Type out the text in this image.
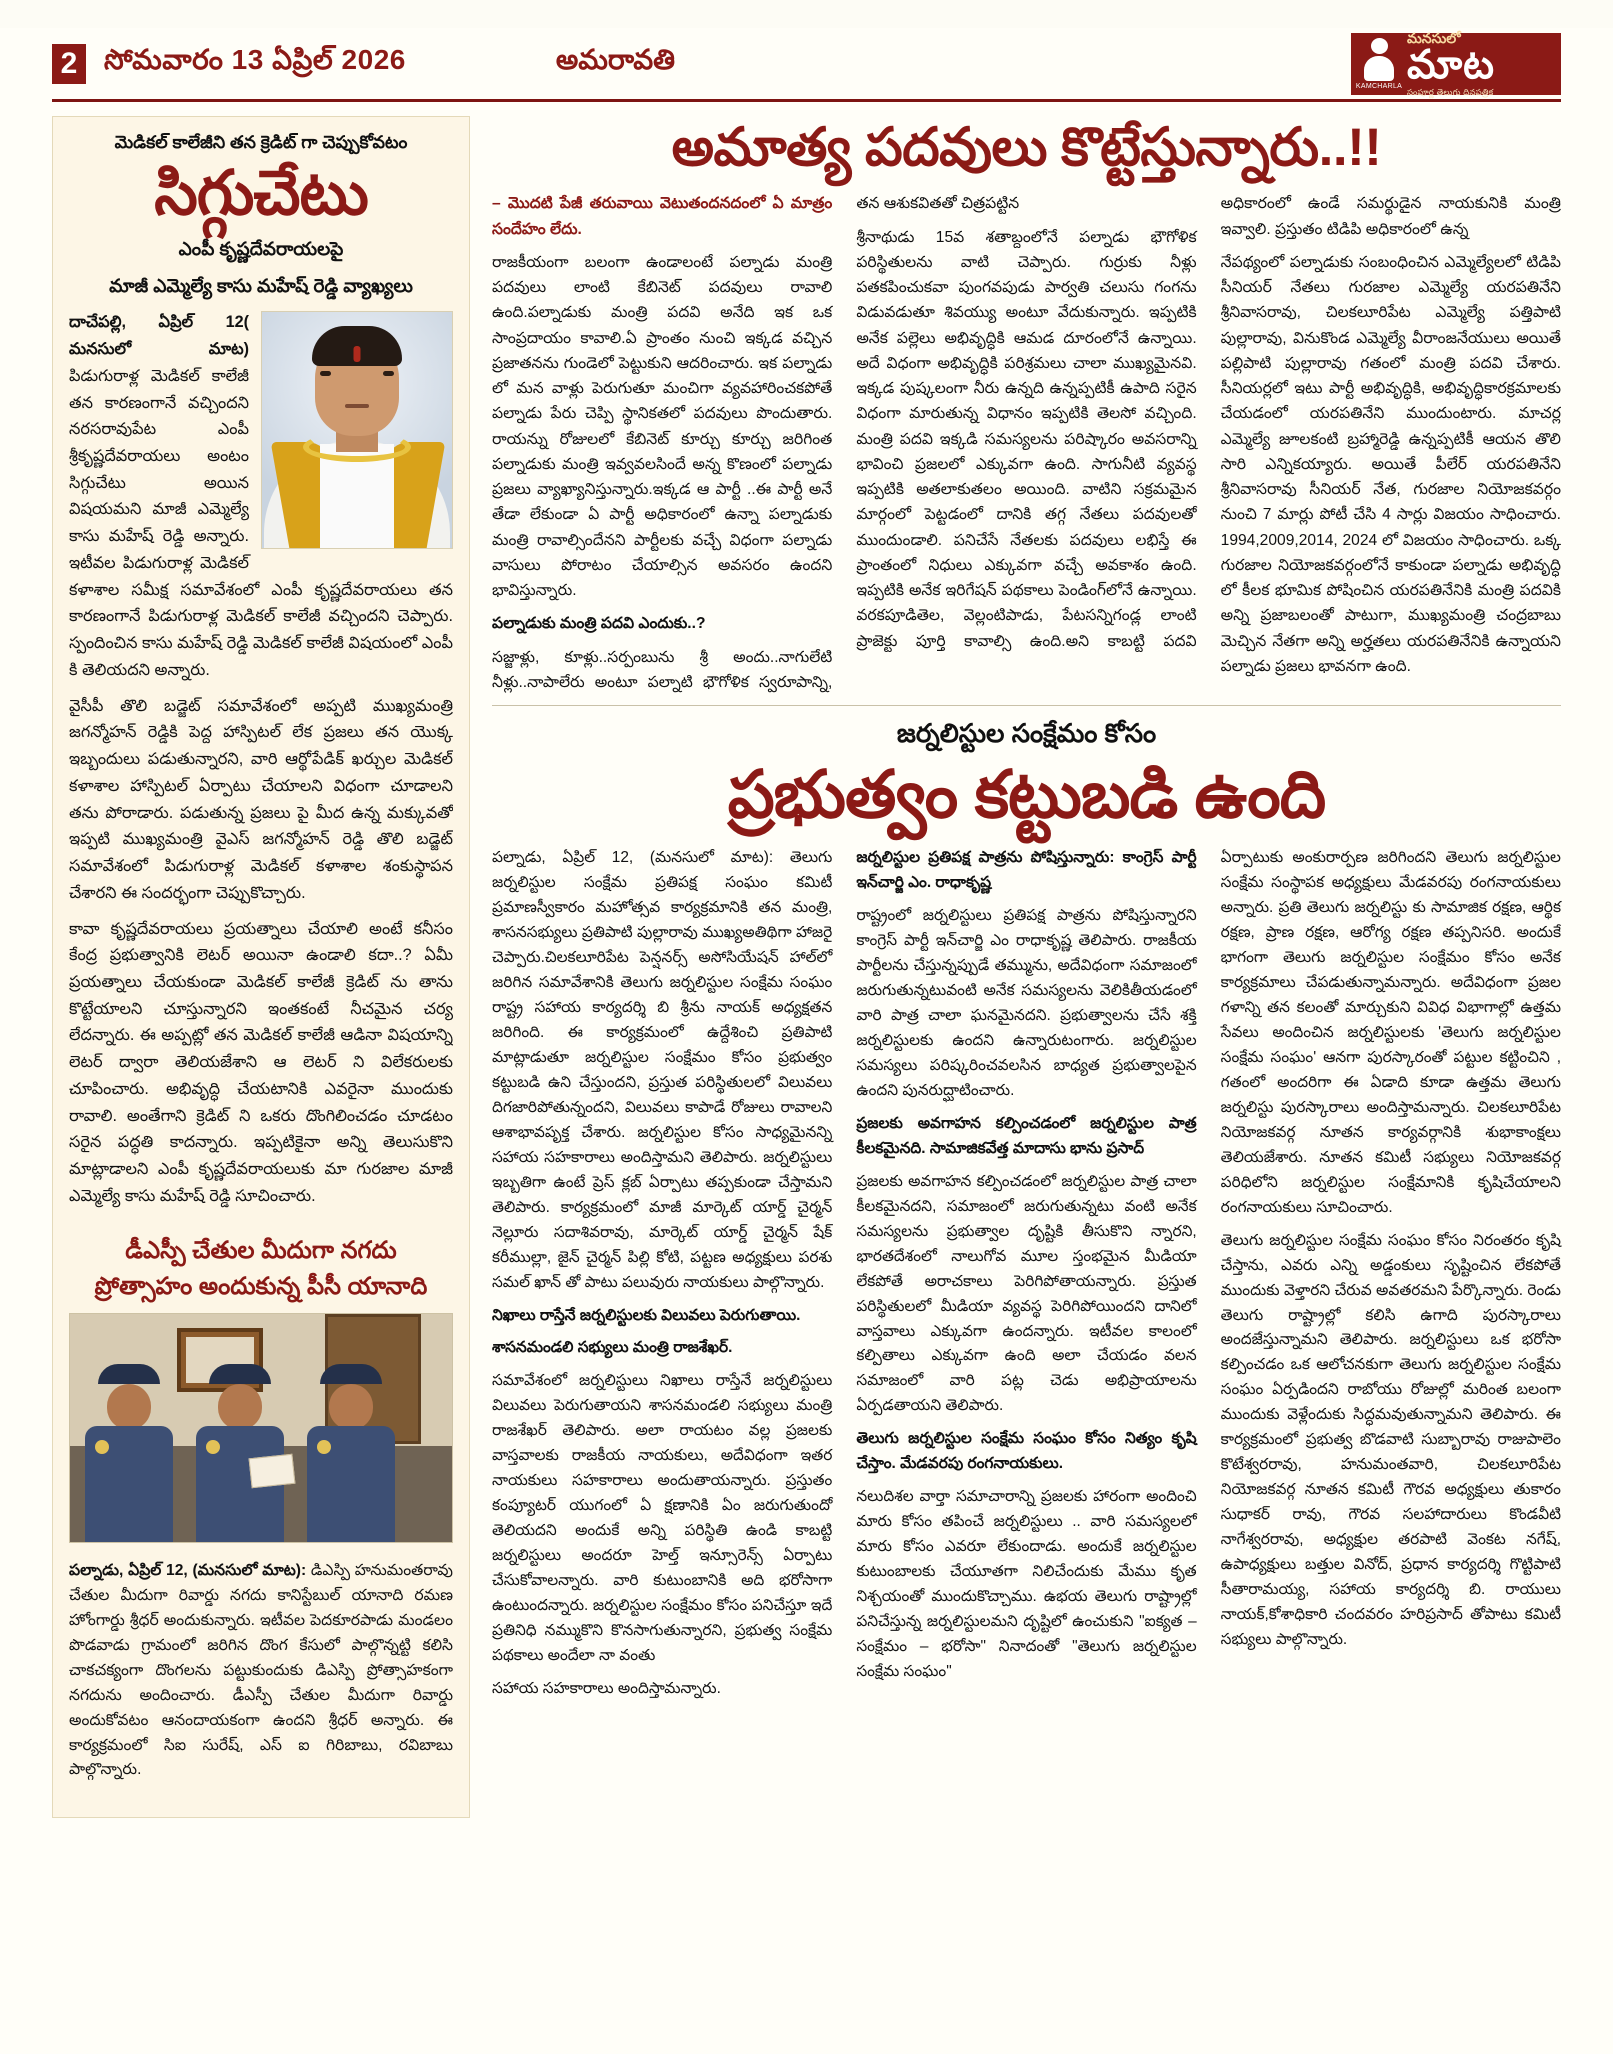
2 సోమవారం 13 ఏప్రిల్ 2026	అమరావతి
KAMCHARLA
మనసులో
మాట
సంపూర్ణ తెలుగు దినపత్రిక
మెడికల్ కాలేజీని తన క్రెడిట్ గా చెప్పుకోవటం
సిగ్గుచేటు
ఎంపీ కృష్ణదేవరాయలపై
మాజీ ఎమ్మెల్యే కాసు మహేష్ రెడ్డి వ్యాఖ్యలు

దాచేపల్లి, ఏప్రిల్ 12( మనసులో మాట) పిడుగురాళ్ల మెడికల్ కాలేజీ తన కారణంగానే వచ్చిందని నరసరావుపేట ఎంపీ శ్రీకృష్ణదేవరాయలు అంటం సిగ్గుచేటు అయిన విషయమని మాజీ ఎమ్మెల్యే కాసు మహేష్ రెడ్డి అన్నారు. ఇటీవల పిడుగురాళ్ల మెడికల్ కళాశాల సమీక్ష సమావేశంలో ఎంపీ కృష్ణదేవరాయలు తన కారణంగానే పిడుగురాళ్ల మెడికల్ కాలేజీ వచ్చిందని చెప్పారు. స్పందించిన కాసు మహేష్ రెడ్డి మెడికల్ కాలేజీ విషయంలో ఎంపీ కి తెలియదని అన్నారు.

వైసీపీ తొలి బడ్జెట్ సమావేశంలో అప్పటి ముఖ్యమంత్రి జగన్మోహన్ రెడ్డికి పెద్ద హాస్పిటల్ లేక ప్రజలు తన యొక్క ఇబ్బందులు పడుతున్నారని, వారి ఆర్థోపేడిక్ ఖర్చుల మెడికల్ కళాశాల హాస్పిటల్ ఏర్పాటు చేయాలని విధంగా చూడాలని తను పోరాడారు. పడుతున్న ప్రజలు పై మీద ఉన్న మక్కువతో ఇప్పటి ముఖ్యమంత్రి వైఎస్ జగన్మోహన్ రెడ్డి తొలి బడ్జెట్ సమావేశంలో పిడుగురాళ్ల మెడికల్ కళాశాల శంకుస్థాపన చేశారని ఈ సందర్భంగా చెప్పుకొచ్చారు.

కావా కృష్ణదేవరాయలు ప్రయత్నాలు చేయాలి అంటే కనీసం కేంద్ర ప్రభుత్వానికి లెటర్ అయినా ఉండాలి కదా..? ఏమీ ప్రయత్నాలు చేయకుండా మెడికల్ కాలేజీ క్రెడిట్ ను తాను కొట్టేయాలని చూస్తున్నారని ఇంతకంటే నీచమైన చర్య లేదన్నారు. ఈ అప్పట్లో తన మెడికల్ కాలేజీ ఆడినా విషయాన్ని లెటర్ ద్వారా తెలియజేశాని ఆ లెటర్ ని విలేకరులకు చూపించారు. అభివృద్ధి చేయటానికి ఎవరైనా ముందుకు రావాలి. అంతేగాని క్రెడిట్ ని ఒకరు దొంగిలించడం చూడటం సరైన పద్ధతి కాదన్నారు. ఇప్పటికైనా అన్ని తెలుసుకొని మాట్లాడాలని ఎంపీ కృష్ణదేవరాయలుకు మా గురజాల మాజీ ఎమ్మెల్యే కాసు మహేష్ రెడ్డి సూచించారు.

డీఎస్పీ చేతుల మీదుగా నగదు
ప్రోత్సాహం అందుకున్న పీసీ యానాది

పల్నాడు, ఏప్రిల్ 12, (మనసులో మాట): డిఎస్పి హనుమంతరావు చేతుల మీదుగా రివార్డు నగదు కానిస్టేబుల్ యానాది రమణ హోంగార్డు శ్రీధర్ అందుకున్నారు. ఇటీవల పెదకూరపాడు మండలం పొడవాడు గ్రామంలో జరిగిన దొంగ కేసులో పాల్గొన్నట్టి కలిసి చాకచక్యంగా దొంగలను పట్టుకుందుకు డిఎస్పి ప్రోత్సాహకంగా నగదును అందించారు. డీఎస్పీ చేతుల మీదుగా రివార్డు అందుకోవటం ఆనందాయకంగా ఉందని శ్రీధర్ అన్నారు. ఈ కార్యక్రమంలో సిఐ సురేష్, ఎస్ ఐ గిరిబాబు, రవిబాబు పాల్గొన్నారు.

అమాత్య పదవులు కొట్టేస్తున్నారు..!!

– మొదటి పేజీ తరువాయి వెటుతందనదంలో ఏ మాత్రం సందేహం లేదు.

రాజకీయంగా బలంగా ఉండాలంటే పల్నాడు మంత్రి పదవులు లాంటి కేబినెట్ పదవులు రావాలి ఉంది.పల్నాడుకు మంత్రి పదవి అనేది ఇక ఒక సాంప్రదాయం కావాలి.ఏ ప్రాంతం నుంచి ఇక్కడ వచ్చిన ప్రజాతనను గుండెలో పెట్టుకుని ఆదరించారు. ఇక పల్నాడు లో మన వాళ్లు పెరుగుతూ మంచిగా వ్యవహారించకపోతే పల్నాడు పేరు చెప్పి స్థానికతలో పదవులు పొందుతారు. రాయన్ను రోజులలో కేబినెట్ కూర్చు కూర్చు జరిగింత పల్నాడుకు మంత్రి ఇవ్వవలసిందే అన్న కొణంలో పల్నాడు ప్రజలు వ్యాఖ్యానిస్తున్నారు.ఇక్కడ ఆ పార్టీ ..ఈ పార్టీ అనే తేడా లేకుండా ఏ పార్టీ అధికారంలో ఉన్నా పల్నాడుకు మంత్రి రావాల్సిందేనని పార్టీలకు వచ్చే విధంగా పల్నాడు వాసులు పోరాటం చేయాల్సిన అవసరం ఉందని భావిస్తున్నారు.

పల్నాడుకు మంత్రి పదవి ఎందుకు..?

సజ్జాళ్లు, కూళ్లు..సర్పంబును శ్రీ అందు..నాగులేటి నీళ్లు..నాపాలేరు అంటూ పల్నాటి భౌగోళిక స్వరూపాన్ని, తన ఆశుకవితతో చిత్రపట్టిన

శ్రీనాథుడు 15వ శతాబ్దంలోనే పల్నాడు భౌగోళిక పరిస్థితులను వాటి చెప్పారు. గుర్రుకు నీళ్లు పతకపించుకవా పుంగవపుడు పార్వతి చలుసు గంగను విడువడుతూ శివయ్యు అంటూ వేదుకున్నారు. ఇప్పటికి అనేక పల్లెలు అభివృద్ధికి ఆమడ దూరంలోనే ఉన్నాయి. అదే విధంగా అభివృద్ధికి పరిశ్రమలు చాలా ముఖ్యమైనవి. ఇక్కడ పుష్కలంగా నీరు ఉన్నది ఉన్నప్పటికీ ఉపాది సరైన విధంగా మారుతున్న విధానం ఇప్పటికి తెలసో వచ్చింది. మంత్రి పదవి ఇక్కడి సమస్యలను పరిష్కారం అవసరాన్ని భావించి ప్రజలలో ఎక్కువగా ఉంది. సాగునీటి వ్యవస్థ ఇప్పటికి అతలాకుతలం అయింది. వాటిని సక్రమమైన మార్గంలో పెట్టడంలో దానికి తగ్గ నేతలు పదవులతో ముందుండాలి. పనిచేసే నేతలకు పదవులు లభిస్తే ఈ ప్రాంతంలో నిధులు ఎక్కువగా వచ్చే అవకాశం ఉంది. ఇప్పటికి అనేక ఇరిగేషన్ పథకాలు పెండింగ్‌లోనే ఉన్నాయి. వరకపూడితెల, వెల్లంటిపాడు, పేటసన్నిగండ్ల లాంటి ప్రాజెక్టు పూర్తి కావాల్సి ఉంది.అని కాబట్టి పదవి అధికారంలో ఉండే సమర్థుడైన నాయకునికి మంత్రి ఇవ్వాలి. ప్రస్తుతం టిడిపి అధికారంలో ఉన్న

నేపథ్యంలో పల్నాడుకు సంబంధించిన ఎమ్మెల్యేలలో టిడిపి సీనియర్ నేతలు గురజాల ఎమ్మెల్యే యరపతినేని శ్రీనివాసరావు, చిలకలూరిపేట ఎమ్మెల్యే పత్తిపాటి పుల్లారావు, వినుకొండ ఎమ్మెల్యే వీరాంజనేయులు అయితే పల్లిపాటి పుల్లారావు గతంలో మంత్రి పదవి చేశారు. సీనియర్లలో ఇటు పార్టీ అభివృద్ధికి, అభివృద్ధికారక్రమాలకు చేయడంలో యరపతినేని ముందుంటారు. మాచర్ల ఎమ్మెల్యే జూలకంటి బ్రహ్మారెడ్డి ఉన్నప్పటికీ ఆయన తొలి సారి ఎన్నికయ్యారు. అయితే పీలేర్ యరపతినేని శ్రీనివాసరావు సీనియర్ నేత, గురజాల నియోజకవర్గం నుంచి 7 మార్లు పోటీ చేసి 4 సార్లు విజయం సాధించారు. 1994,2009,2014, 2024 లో విజయం సాధించారు. ఒక్క గురజాల నియోజకవర్గంలోనే కాకుండా పల్నాడు అభివృద్ధి లో కీలక భూమిక పోషించిన యరపతినేనికి మంత్రి పదవికి అన్ని ప్రజాబలంతో పాటుగా, ముఖ్యమంత్రి చంద్రబాబు మెచ్చిన నేతగా అన్ని అర్హతలు యరపతినేనికి ఉన్నాయని పల్నాడు ప్రజలు భావనగా ఉంది.

జర్నలిస్టుల సంక్షేమం కోసం
ప్రభుత్వం కట్టుబడి ఉంది

పల్నాడు, ఏప్రిల్ 12, (మనసులో మాట): తెలుగు జర్నలిస్టుల సంక్షేమ ప్రతిపక్ష సంఘం కమిటీ ప్రమాణస్వీకారం మహోత్సవ కార్యక్రమానికి తన మంత్రి, శాసనసభ్యులు ప్రతిపాటి పుల్లారావు ముఖ్యఅతిథిగా హాజరై చెప్పారు.చిలకలూరిపేట పెన్షనర్స్ అసోసియేషన్ హాల్‌లో జరిగిన సమావేశానికి తెలుగు జర్నలిస్టుల సంక్షేమ సంఘం రాష్ట్ర సహాయ కార్యదర్శి బి శ్రీను నాయక్ అధ్యక్షతన జరిగింది. ఈ కార్యక్రమంలో ఉద్దేశించి ప్రతిపాటి మాట్లాడుతూ జర్నలిస్టుల సంక్షేమం కోసం ప్రభుత్వం కట్టుబడి ఉని చేస్తుందని, ప్రస్తుత పరిస్థితులలో విలువలు దిగజారిపోతున్నందని, విలువలు కాపాడే రోజులు రావాలని ఆశాభావపృక్త చేశారు. జర్నలిస్టుల కోసం సాధ్యమైనన్ని సహాయ సహకారాలు అందిస్తామని తెలిపారు. జర్నలిస్టులు ఇబ్బతిగా ఉంటే ప్రెస్ క్లబ్ ఏర్పాటు తప్పకుండా చేస్తామని తెలిపారు. కార్యక్రమంలో మాజీ మార్కెట్ యార్డ్ చైర్మన్ నెల్లూరు సదాశివరావు, మార్కెట్ యార్డ్ చైర్మన్ షేక్ కరీముల్లా, జైన్ చైర్మన్ పిల్లి కోటి, పట్టణ అధ్యక్షులు పరశు సమల్ ఖాన్ తో పాటు పలువురు నాయకులు పాల్గొన్నారు.

నిఖాలు రాస్తేనే జర్నలిస్టులకు విలువలు పెరుగుతాయి.

శాసనమండలి సభ్యులు మంత్రి రాజశేఖర్.

సమావేశంలో జర్నలిస్టులు నిఖాలు రాస్తేనే జర్నలిస్టులు విలువలు పెరుగుతాయని శాసనమండలి సభ్యులు మంత్రి రాజశేఖర్ తెలిపారు. అలా రాయటం వల్ల ప్రజలకు వాస్తవాలకు రాజకీయ నాయకులు, అదేవిధంగా ఇతర నాయకులు సహకారాలు అందుతాయన్నారు. ప్రస్తుతం కంప్యూటర్ యుగంలో ఏ క్షణానికి ఏం జరుగుతుందో తెలియదని అందుకే అన్ని పరిస్థితి ఉండి కాబట్టి జర్నలిస్టులు అందరూ హెల్త్ ఇన్సూరెన్స్ ఏర్పాటు చేసుకోవాలన్నారు. వారి కుటుంబానికి అది భరోసాగా ఉంటుందన్నారు. జర్నలిస్టుల సంక్షేమం కోసం పనిచేస్తూ ఇదే ప్రతినిధి నమ్ముకొని కొనసాగుతున్నారని, ప్రభుత్వ సంక్షేమ పథకాలు అందేలా నా వంతు

సహాయ సహకారాలు అందిస్తామన్నారు.

జర్నలిస్టుల ప్రతిపక్ష పాత్రను పోషిస్తున్నారు: కాంగ్రెస్ పార్టీ ఇన్‌చార్జి ఎం. రాధాకృష్ణ

రాష్ట్రంలో జర్నలిస్టులు ప్రతిపక్ష పాత్రను పోషిస్తున్నారని కాంగ్రెస్ పార్టీ ఇన్‌చార్జి ఎం రాధాకృష్ణ తెలిపారు. రాజకీయ పార్టీలను చేస్తున్నప్పుడే తమ్మును, అదేవిధంగా సమాజంలో జరుగుతున్నటువంటి అనేక సమస్యలను వెలికితీయడంలో వారి పాత్ర చాలా ఘనమైనదని. ప్రభుత్వాలను చేసే శక్తి జర్నలిస్టులకు ఉందని ఉన్నారుటంగారు. జర్నలిస్టుల సమస్యలు పరిష్కరించవలసిన బాధ్యత ప్రభుత్వాలపైన ఉందని పునరుద్ఘాటించారు.

ప్రజలకు అవగాహన కల్పించడంలో జర్నలిస్టుల పాత్ర కీలకమైనది. సామాజికవేత్త మాదాసు భాను ప్రసాద్

ప్రజలకు అవగాహన కల్పించడంలో జర్నలిస్టుల పాత్ర చాలా కీలకమైనదని, సమాజంలో జరుగుతున్నటు వంటి అనేక సమస్యలను ప్రభుత్వాల దృష్టికి తీసుకొని న్నారని, భారతదేశంలో నాలుగోవ మూల స్తంభమైన మీడియా లేకపోతే అరాచకాలు పెరిగిపోతాయన్నారు. ప్రస్తుత పరిస్థితులలో మీడియా వ్యవస్థ పెరిగిపోయిందని దానిలో వాస్తవాలు ఎక్కువగా ఉందన్నారు. ఇటీవల కాలంలో కల్పితాలు ఎక్కువగా ఉంది అలా చేయడం వలన సమాజంలో వారి పట్ల చెడు అభిప్రాయాలను ఏర్పడతాయని తెలిపారు.

తెలుగు జర్నలిస్టుల సంక్షేమ సంఘం కోసం నిత్యం కృషి చేస్తాం. మేడవరపు రంగనాయకులు.

నలుదిశల వార్తా సమాచారాన్ని ప్రజలకు హారంగా అందించి మారు కోసం తపించే జర్నలిస్టులు .. వారి సమస్యలలో మారు కోసం ఎవరూ లేకుందాడు. అందుకే జర్నలిస్టుల కుటుంబాలకు చేయూతగా నిలిచేందుకు మేము కృత నిశ్చయంతో ముందుకొచ్చాము. ఉభయ తెలుగు రాష్ట్రాల్లో పనిచేస్తున్న జర్నలిస్టులమని దృష్టిలో ఉంచుకుని "ఐక్యత – సంక్షేమం – భరోసా" నినాదంతో "తెలుగు జర్నలిస్టుల సంక్షేమ సంఘం"

ఏర్పాటుకు అంకురార్పణ జరిగిందని తెలుగు జర్నలిస్టుల సంక్షేమ సంస్థాపక అధ్యక్షులు మేడవరపు రంగనాయకులు అన్నారు. ప్రతి తెలుగు జర్నలిస్టు కు సామాజిక రక్షణ, ఆర్థిక రక్షణ, ప్రాణ రక్షణ, ఆరోగ్య రక్షణ తప్పనిసరి. అందుకే భాగంగా తెలుగు జర్నలిస్టుల సంక్షేమం కోసం అనేక కార్యక్రమాలు చేపడుతున్నామన్నారు. అదేవిధంగా ప్రజల గళాన్ని తన కలంతో మార్చుకుని వివిధ విభాగాల్లో ఉత్తమ సేవలు అందించిన జర్నలిస్టులకు 'తెలుగు జర్నలిస్టుల సంక్షేమ సంఘం' ఆనగా పురస్కారంతో పట్టుల కట్టించిని , గతంలో అందరిగా ఈ ఏడాది కూడా ఉత్తమ తెలుగు జర్నలిస్టు పురస్కారాలు అందిస్తామన్నారు. చిలకలూరిపేట నియోజకవర్గ నూతన కార్యవర్గానికి శుభాకాంక్షలు తెలియజేశారు. నూతన కమిటీ సభ్యులు నియోజకవర్గ పరిధిలోని జర్నలిస్టుల సంక్షేమానికి కృషిచేయాలని రంగనాయకులు సూచించారు.

తెలుగు జర్నలిస్టుల సంక్షేమ సంఘం కోసం నిరంతరం కృషి చేస్తాను, ఎవరు ఎన్ని అడ్డంకులు సృష్టించిన లేకపోతే ముందుకు వెళ్తారని చేరువ అవతరమని పేర్కొన్నారు. రెండు తెలుగు రాష్ట్రాల్లో కలిసి ఉగాది పురస్కారాలు అందజేస్తున్నామని తెలిపారు. జర్నలిస్టులు ఒక భరోసా కల్పించడం ఒక ఆలోచనకుగా తెలుగు జర్నలిస్టుల సంక్షేమ సంఘం ఏర్పడిందని రాబోయు రోజుల్లో మరింత బలంగా ముందుకు వెళ్లేందుకు సిద్ధమవుతున్నామని తెలిపారు. ఈ కార్యక్రమంలో ప్రభుత్వ బొడవాటి సుబ్బారావు రాజుపాలెం కొటేశ్వరరావు, హనుమంతవారి, చిలకలూరిపేట నియోజకవర్గ నూతన కమిటీ గౌరవ అధ్యక్షులు తుకారం సుధాకర్ రావు, గౌరవ సలహాదారులు కొండవీటి నాగేశ్వరరావు, అధ్యక్షుల తరపాటి వెంకట నగేష్, ఉపాధ్యక్షులు బత్తుల వినోద్, ప్రధాన కార్యదర్శి గొట్టిపాటి సీతారామయ్య, సహాయ కార్యదర్శి బి. రాయులు నాయక్,కోశాధికారి చందవరం హరిప్రసాద్ తోపాటు కమిటీ సభ్యులు పాల్గొన్నారు.
